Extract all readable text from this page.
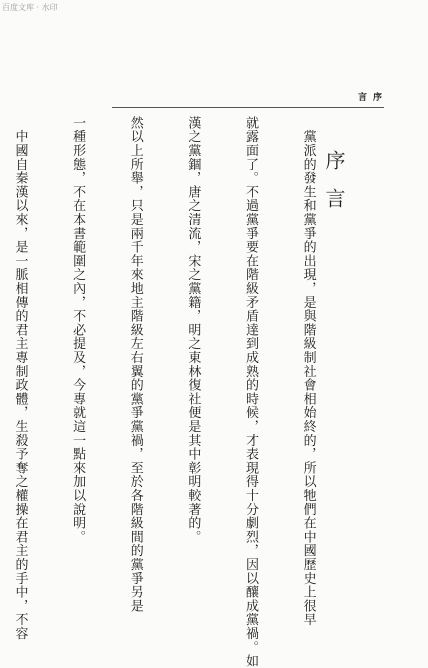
百度文库 · 水印
言序
序言

　黨派的發生和黨爭的出現，是與階級制社會相始終的，所以牠們在中國歷史上很早

就露面了。不過黨爭要在階級矛盾達到成熟的時候，才表現得十分劇烈，因以釀成黨禍。如

漢之黨錮，唐之清流，宋之黨籍，明之東林復社便是其中彰明較著的。

然以上所舉，只是兩千年來地主階級左右翼的黨爭黨禍，至於各階級間的黨爭另是

一種形態，不在本書範圍之內，不必提及，今專就這一點來加以說明。

　中國自秦漢以來，是一脈相傳的君主專制政體，生殺予奪之權操在君主的手中，不容
